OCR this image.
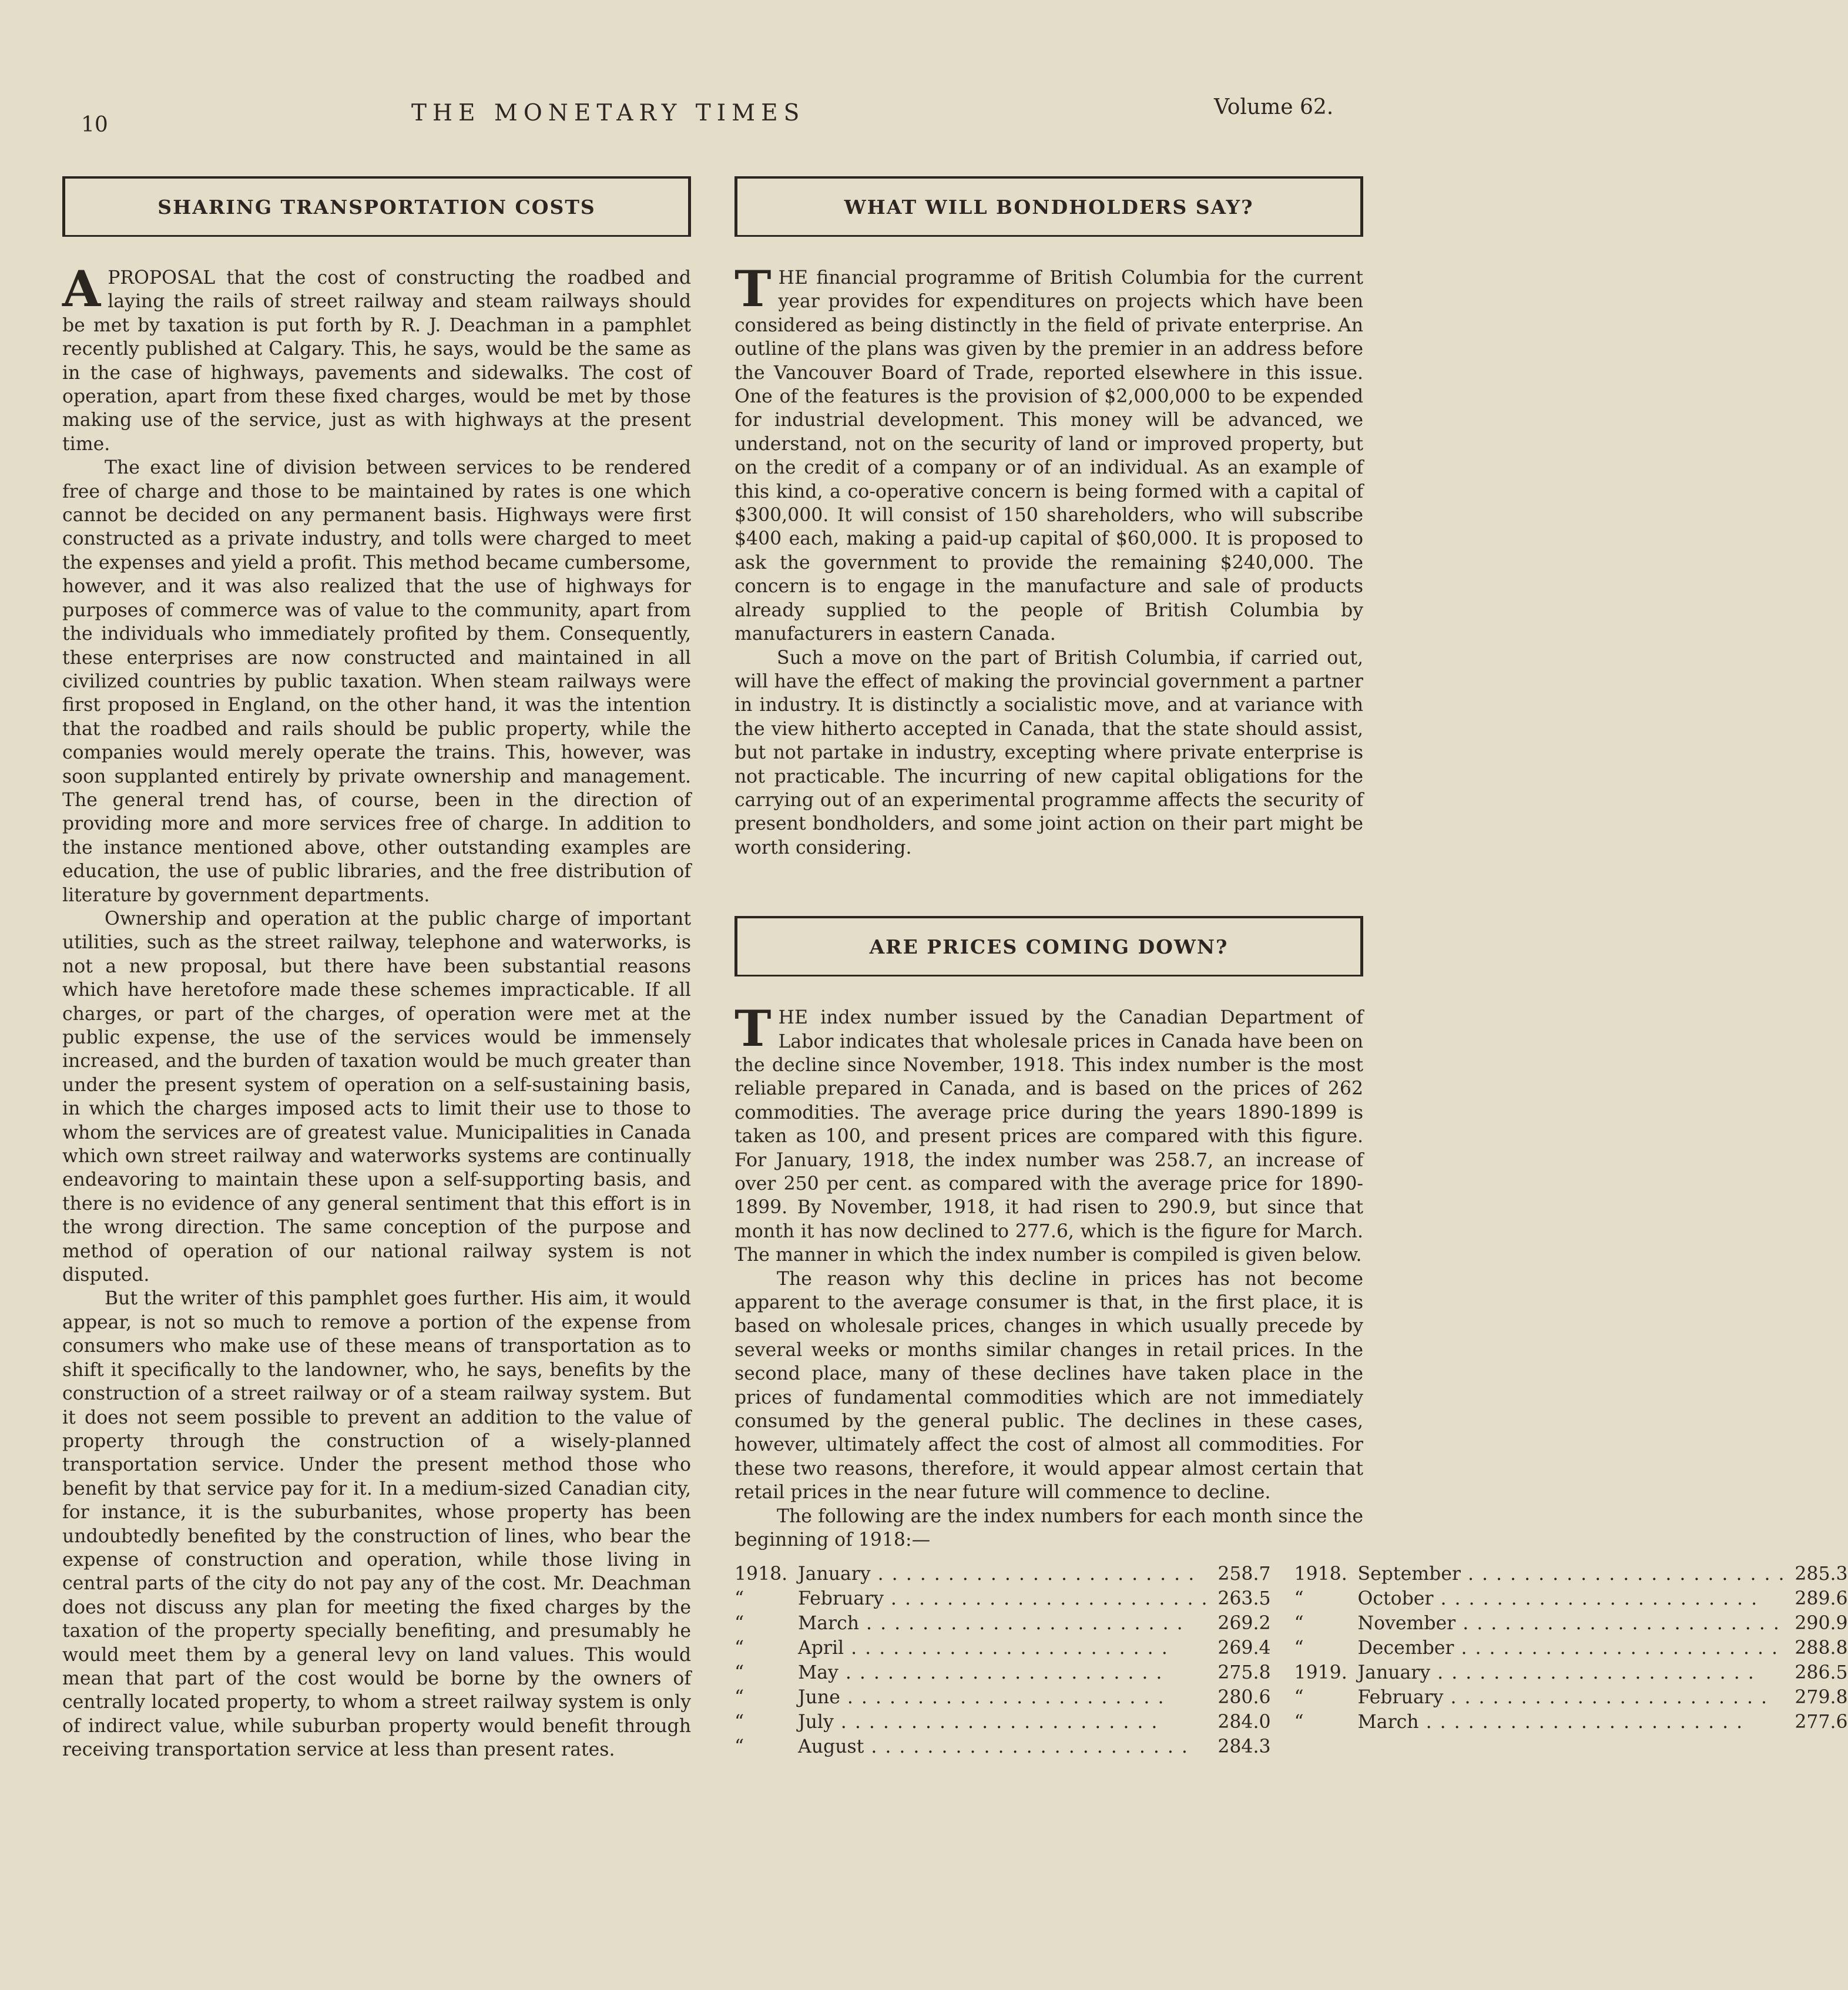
10	THE MONETARY TIMES	Volume 62.
SHARING TRANSPORTATION COSTS

A PROPOSAL that the cost of constructing the roadbed and laying the rails of street railway and steam railways should be met by taxation is put forth by R. J. Deachman in a pamphlet recently published at Calgary. This, he says, would be the same as in the case of highways, pavements and sidewalks. The cost of operation, apart from these fixed charges, would be met by those making use of the service, just as with highways at the present time.

The exact line of division between services to be rendered free of charge and those to be maintained by rates is one which cannot be decided on any permanent basis. Highways were first constructed as a private industry, and tolls were charged to meet the expenses and yield a profit. This method became cumbersome, however, and it was also realized that the use of highways for purposes of commerce was of value to the community, apart from the individuals who immediately profited by them. Consequently, these enterprises are now constructed and maintained in all civilized countries by public taxation. When steam railways were first proposed in England, on the other hand, it was the intention that the roadbed and rails should be public property, while the companies would merely operate the trains. This, however, was soon supplanted entirely by private ownership and management. The general trend has, of course, been in the direction of providing more and more services free of charge. In addition to the instance mentioned above, other outstanding examples are education, the use of public libraries, and the free distribution of literature by government departments.

Ownership and operation at the public charge of important utilities, such as the street railway, telephone and waterworks, is not a new proposal, but there have been substantial reasons which have heretofore made these schemes impracticable. If all charges, or part of the charges, of operation were met at the public expense, the use of the services would be immensely increased, and the burden of taxation would be much greater than under the present system of operation on a self-sustaining basis, in which the charges imposed acts to limit their use to those to whom the services are of greatest value. Municipalities in Canada which own street railway and waterworks systems are continually endeavoring to maintain these upon a self-supporting basis, and there is no evidence of any general sentiment that this effort is in the wrong direction. The same conception of the purpose and method of operation of our national railway system is not disputed.

But the writer of this pamphlet goes further. His aim, it would appear, is not so much to remove a portion of the expense from consumers who make use of these means of transportation as to shift it specifically to the landowner, who, he says, benefits by the construction of a street railway or of a steam railway system. But it does not seem possible to prevent an addition to the value of property through the construction of a wisely-planned transportation service. Under the present method those who benefit by that service pay for it. In a medium-sized Canadian city, for instance, it is the suburbanites, whose property has been undoubtedly benefited by the construction of lines, who bear the expense of construction and operation, while those living in central parts of the city do not pay any of the cost. Mr. Deachman does not discuss any plan for meeting the fixed charges by the taxation of the property specially benefiting, and presumably he would meet them by a general levy on land values. This would mean that part of the cost would be borne by the owners of centrally located property, to whom a street railway system is only of indirect value, while suburban property would benefit through receiving transportation service at less than present rates.

WHAT WILL BONDHOLDERS SAY?

THE financial programme of British Columbia for the current year provides for expenditures on projects which have been considered as being distinctly in the field of private enterprise. An outline of the plans was given by the premier in an address before the Vancouver Board of Trade, reported elsewhere in this issue. One of the features is the provision of $2,000,000 to be expended for industrial development. This money will be advanced, we understand, not on the security of land or improved property, but on the credit of a company or of an individual. As an example of this kind, a co-operative concern is being formed with a capital of $300,000. It will consist of 150 shareholders, who will subscribe $400 each, making a paid-up capital of $60,000. It is proposed to ask the government to provide the remaining $240,000. The concern is to engage in the manufacture and sale of products already supplied to the people of British Columbia by manufacturers in eastern Canada.

Such a move on the part of British Columbia, if carried out, will have the effect of making the provincial government a partner in industry. It is distinctly a socialistic move, and at variance with the view hitherto accepted in Canada, that the state should assist, but not partake in industry, excepting where private enterprise is not practicable. The incurring of new capital obligations for the carrying out of an experimental programme affects the security of present bondholders, and some joint action on their part might be worth considering.

ARE PRICES COMING DOWN?

THE index number issued by the Canadian Department of Labor indicates that wholesale prices in Canada have been on the decline since November, 1918. This index number is the most reliable prepared in Canada, and is based on the prices of 262 commodities. The average price during the years 1890-1899 is taken as 100, and present prices are compared with this figure. For January, 1918, the index number was 258.7, an increase of over 250 per cent. as compared with the average price for 1890-1899. By November, 1918, it had risen to 290.9, but since that month it has now declined to 277.6, which is the figure for March. The manner in which the index number is compiled is given below.

The reason why this decline in prices has not become apparent to the average consumer is that, in the first place, it is based on wholesale prices, changes in which usually precede by several weeks or months similar changes in retail prices. In the second place, many of these declines have taken place in the prices of fundamental commodities which are not immediately consumed by the general public. The declines in these cases, however, ultimately affect the cost of almost all commodities. For these two reasons, therefore, it would appear almost certain that retail prices in the near future will commence to decline.

The following are the index numbers for each month since the beginning of 1918:—

1918. January . . .	258.7
“	February . . .	263.5
“	March . . .	269.2
“	April . . .	269.4
“	May . . .	275.8
“	June . . .	280.6
“	July . . .	284.0
“	August . . .	284.3
1918. September . . .	285.3
“	October . . .	289.6
“	November . . .	290.9
“	December . . .	288.8
1919. January . . .	286.5
“	February . . .	279.8
“	March . . .	277.6
